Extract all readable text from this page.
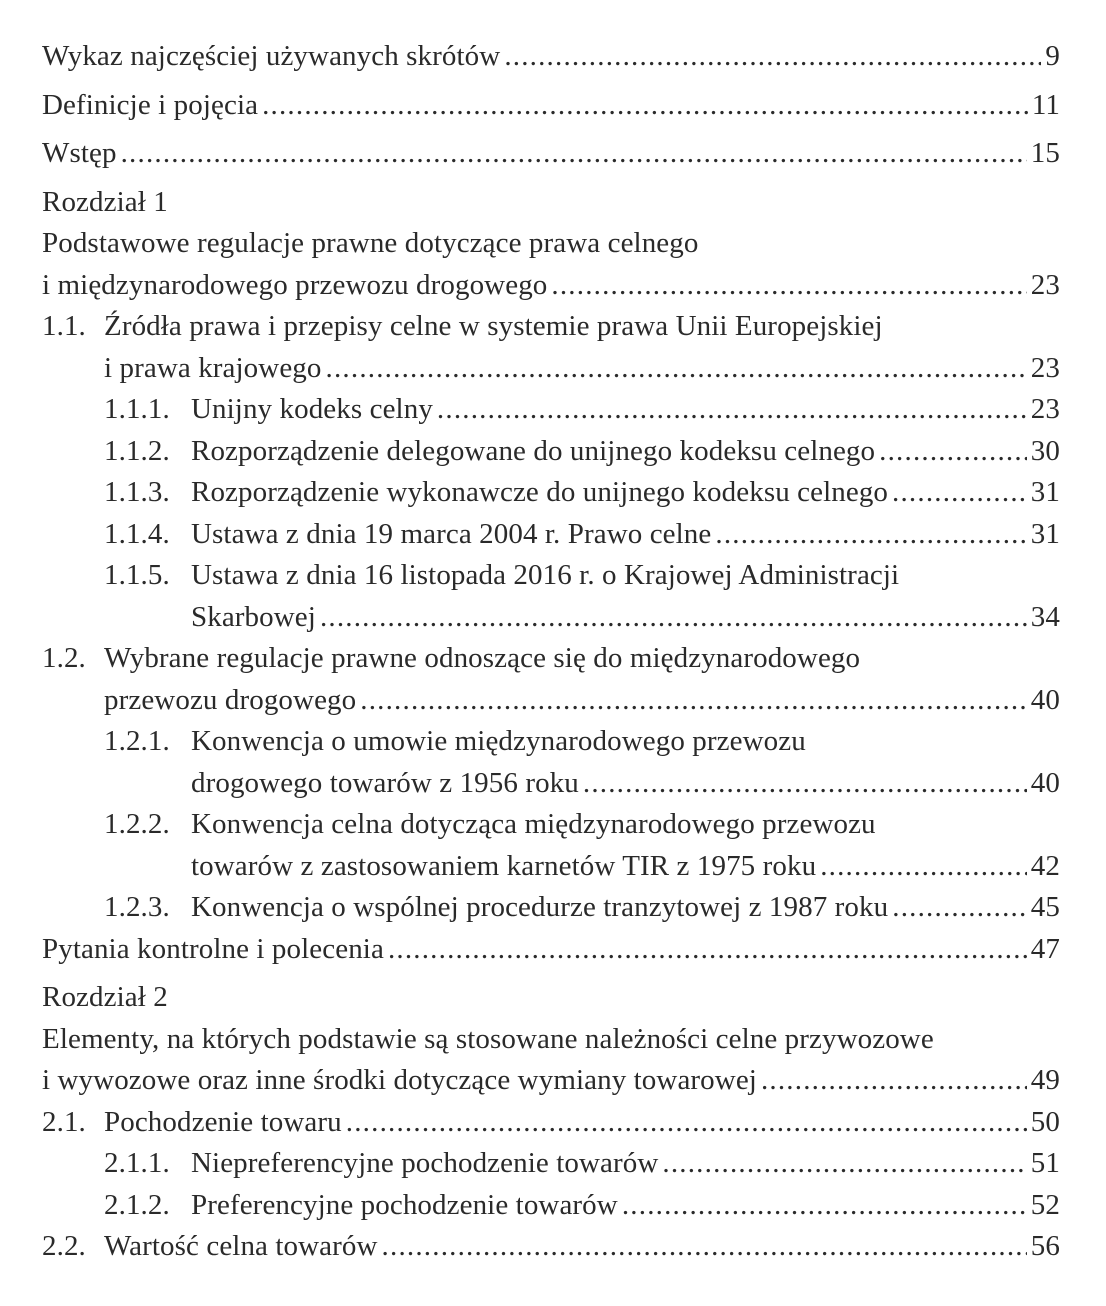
Wykaz najczęściej używanych skrótów .....	9
Definicje i pojęcia .....	11
Wstęp .....	15
Rozdział 1
Podstawowe regulacje prawne dotyczące prawa celnego
i międzynarodowego przewozu drogowego .....	23
1.1. Źródła prawa i przepisy celne w systemie prawa Unii Europejskiej
i prawa krajowego .....	23
1.1.1. Unijny kodeks celny .....	23
1.1.2. Rozporządzenie delegowane do unijnego kodeksu celnego .....	30
1.1.3. Rozporządzenie wykonawcze do unijnego kodeksu celnego .....	31
1.1.4. Ustawa z dnia 19 marca 2004 r. Prawo celne .....	31
1.1.5. Ustawa z dnia 16 listopada 2016 r. o Krajowej Administracji
Skarbowej .....	34
1.2. Wybrane regulacje prawne odnoszące się do międzynarodowego
przewozu drogowego .....	40
1.2.1. Konwencja o umowie międzynarodowego przewozu
drogowego towarów z 1956 roku .....	40
1.2.2. Konwencja celna dotycząca międzynarodowego przewozu
towarów z zastosowaniem karnetów TIR z 1975 roku .....	42
1.2.3. Konwencja o wspólnej procedurze tranzytowej z 1987 roku .....	45
Pytania kontrolne i polecenia .....	47
Rozdział 2
Elementy, na których podstawie są stosowane należności celne przywozowe
i wywozowe oraz inne środki dotyczące wymiany towarowej .....	49
2.1. Pochodzenie towaru .....	50
2.1.1. Niepreferencyjne pochodzenie towarów .....	51
2.1.2. Preferencyjne pochodzenie towarów .....	52
2.2. Wartość celna towarów .....	56
